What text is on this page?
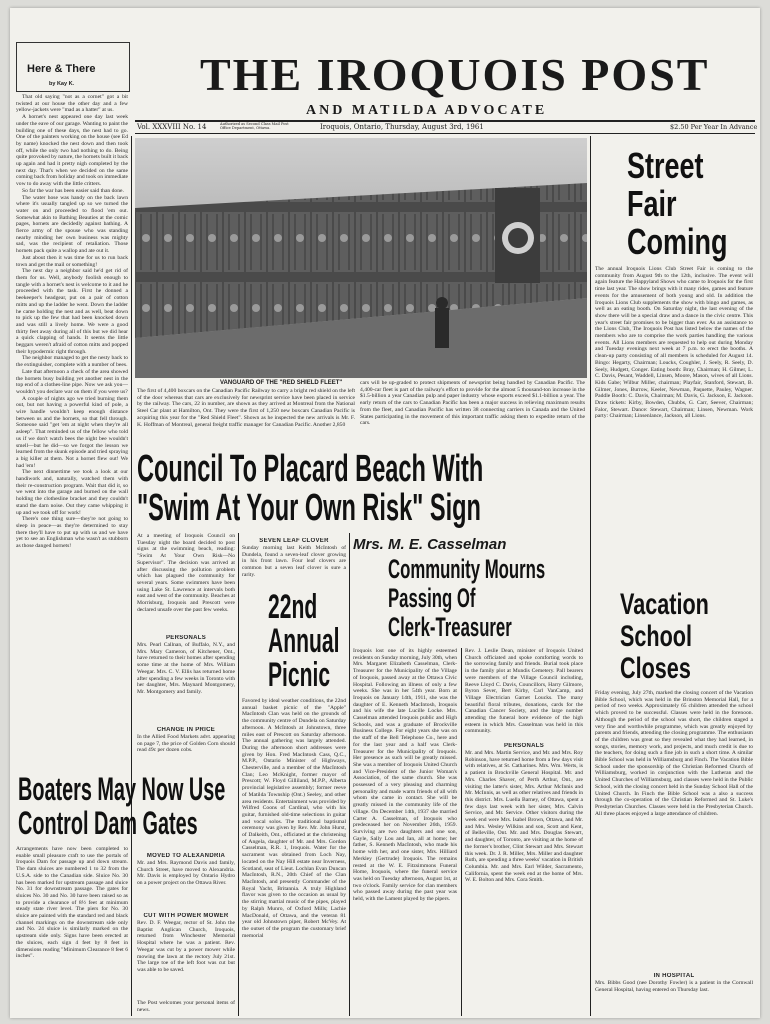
Here & There
by Kay K.	THE IROQUOIS POST
AND MATILDA ADVOCATE
Vol. XXXVIII No. 14	Authorized as Second Class Mail Post Office Department, Ottawa.	Iroquois, Ontario, Thursday, August 3rd, 1961	$2.50 Per Year In Advance

That old saying "not as a cornet" got a bit twisted at our house the other day and a few yellow-jackets were "mad as a hatter" at us.

A hornet's nest appeared one day last week under the eave of our garage. Wanting to paint the building one of these days, the nest had to go. One of the painters working on the house (see Ed by name) knocked the nest down and then took off, while the only two had nothing to do. Being quite provoked by nature, the hornets built it back up again and had it pretty nigh completed by the next day. That's when we decided on the same coming back from holiday and took on immediate vow to do away with the little critters.

So far the war has been easier said than done.

The water hose was handy on the back lawn where it's usually tangled up so we turned the water on and proceeded to flood 'em out. Somewhat akin to Bathing Beauties at the comic pages, hornets are decidedly against bathing. A fierce army of the spouse who was standing nearby minding her own business was mighty sad, was the recipient of retaliation. Those hornets pack quite a wallop and ate out it.

Just about then it was time for us to run back town and get the mail or something!

The next day a neighbor said he'd get rid of them for us. Well, anybody foolish enough to tangle with a hornet's nest is welcome to it and he proceeded with the task. First he donned a beekeeper's headgear, put on a pair of cotton mitts and up the ladder he went. Down the ladder he came holding the nest and as well, beat down to pick up the few that had been knocked down and was still a lively home. We were a good thirty feet away during all of this but we did hear a quick clapping of hands. It seems the little beggars weren't afraid of cotton mitts and popped their hypodermic right through.

The neighbor managed to get the nesty back to the extinguisher, complete with a number of bees.

Late that afternoon a check of the area showed the hornets busy building yet another nest in the top end of a clothes-line pipe. Now we ask you—wouldn't you declare war on them if you were us?

A couple of nights ago we tried burning them out, but not having a powerful kind of pole, a wire handle wouldn't keep enough distance between us and the hornets, so that fell through. Someone said "get 'em at night when they're all asleep". That reminded us of the fellow who told us if we don't watch bees the night bee wouldn't smell—but he did—so we forgot the lesson we learned from the skunk episode and tried spraying a big killer at them. Not a hornet flew out! We had 'em!

The next dinnertime we took a look at our handiwork and, naturally, watched them with their re-construction program. Wait that did it, so we went into the garage and burned on the wall holding the clothesline bracket and they couldn't stand the darn noise. Out they came whipping it up and we took off for work!

There's one thing sure—they're not going to sleep in peace—as they're determined to stay there they'll have to put up with us and we have yet to see an Englishman who wasn't as stubborn as those danged hornets!

VANGUARD OF THE "RED SHIELD FLEET"
The first of 4,400 boxcars on the Canadian Pacific Railway to carry a bright red shield on the left of the door whereas that cars are exclusively for newsprint service have been placed in service by the railway. The cars, 22 in number, are shown as they arrived at Montreal from the National Steel Car plant at Hamilton, Ont. They were the first of 1,250 new boxcars Canadian Pacific is acquiring this year for the "Red Shield Fleet". Shown as he inspected the new arrivals is Mr. F. K. Hoffman of Montreal, general freight traffic manager for Canadian Pacific. Another 2,850
cars will be up-graded to protect shipments of newsprint being handled by Canadian Pacific. The 4,400-car fleet is part of the railway's effort to provide for the almost 5 thousand-ton increase in the $1.5-billion a year Canadian pulp and paper industry whose exports exceed $1.1-billion a year. The early return of the cars to Canadian Pacific has been a major success in relieving maximum results from the fleet, and Canadian Pacific has written 38 connecting carriers in Canada and the United States participating in the movement of this important traffic asking them to expedite return of the cars.
Council To Placard Beach With
"Swim At Your Own Risk" Sign
At a meeting of Iroquois Council on Tuesday night the board decided to post signs at the swimming beach, reading: "Swim At Your Own Risk—No Supervisor". The decision was arrived at after discussing the pollution problem which has plagued the community for several years. Some swimmers have been using Lake St. Lawrence at intervals both east and west of the community. Beaches at Morrisburg, Iroquois and Prescott were declared unsafe over the past few weeks.
PERSONALS
Mrs. Pearl Callnan, of Buffalo, N.Y., and Mrs. Mary Cameron, of Kitchener, Ont., have returned to their homes after spending some time at the home of Mrs. William Weegar. Mrs. C. V. Ellis has returned home after spending a few weeks in Toronto with her daughter, Mrs. Maynard Montgomery, Mr. Montgomery and family.
CHANGE IN PRICE
In the Allied Food Markets advt. appearing on page 7, the price of Golden Corn should read 49c per dozen cobs.
Boaters May Now Use
Control Dam Gates
Arrangements have now been completed to enable small pleasure craft to use the portals of Iroquois Dam for passage up and down stream. The dam sluices are numbered 1 to 32 from the U.S.A. side to the Canadian side. Sluice No. 30 has been marked for upstream passage and sluice No. 31 for downstream passage. The gates for sluices No. 30 and No. 30 have been raised so as to provide a clearance of 8½ feet at minimum steady state river level. The piers for No. 30 sluice are painted with the standard red and black channel markings on the downstream side only and No. 24 sluice is similarly marked on the upstream side only. Signs have been erected at the sluices, each sign 4 feet by 8 feet in dimensions reading "Minimum Clearance 8 feet 6 inches".
MOVED TO ALEXANDRIA
Mr. and Mrs. Raymond Davis and family, Church Street, have moved to Alexandria. Mr. Davis is employed by Ontario Hydro on a power project on the Ottawa River.
CUT WITH POWER MOWER
Rev. D. F. Weegar, rector of St. John the Baptist Anglican Church, Iroquois, returned from Winchester Memorial Hospital where he was a patient. Rev. Weegar was cut by a power mower while mowing the lawn at the rectory July 21st. The large toe of the left foot was cut but was able to be saved.
The Post welcomes your personal items of news.
SEVEN LEAF CLOVER
Sunday morning last Keith McIntosh of Dundela, found a seven-leaf clover growing in his front lawn. Four leaf clovers are common but a seven leaf clover is sure a rarity.
22nd
Annual
Picnic
Favored by ideal weather conditions, the 22nd annual basket picnic of the "Apple" MacIntosh Clan was held on the grounds of the community centre of Dundela on Saturday afternoon. A McIntosh at Johnstown, three miles east of Prescott on Saturday afternoon. The annual gathering was largely attended. During the afternoon short addresses were given by Hon. Fred MacIntosh Cass, Q.C., M.P.P., Ontario Minister of Highways, Chesterville, and a member of the MacIntosh Clan; Leo McKnight, former mayor of Prescott; W. Floyd Gilliland, M.P.P., Alberta provincial legislative assembly; former reeve of Matilda Township (Ont.) Seeley, and other area residents. Entertainment was provided by Wilfred Coons of Cardinal, who with his guitar, furnished old-time selections in guitar and vocal solos. The traditional baptismal ceremony was given by Rev. Mr. John Hurst, of Dalkeith, Ont., officiated at the christening of Angela, daughter of Mr. and Mrs. Gordon Casselman, R.R. 1, Iroquois. Water for the sacrament was obtained from Loch Nay, located on the Nay Hill estate near Inverness, Scotland, seat of Lieut. Lochlan Evan Duncan MacIntosh, R.N., 20th Chief of the Clan MacIntosh, and presently Commander of the Royal Yacht, Britannia. A truly Highland flavor was given to the occasion as usual by the stirring martial music of the pipes, played by Ralph Munro, of Oxford Mills; Lachie MacDonald, of Ottawa, and the veteran 81 year old Johnstown piper, Robert McVey. At the outset of the program the customary brief memorial
Mrs. M. E. Casselman
Community Mourns
Passing Of
Clerk-Treasurer
Iroquois lost one of its highly esteemed residents on Sunday morning, July 30th, when Mrs. Margaret Elizabeth Casselman, Clerk-Treasurer for the Municipality of the Village of Iroquois, passed away at the Ottawa Civic Hospital. Following an illness of only a few weeks. She was in her 54th year. Born at Iroquois on January 14th, 1911, she was the daughter of E. Kenneth MacIntosh, Iroquois and his wife the late Lucille Locke. Mrs. Casselman attended Iroquois public and High Schools, and was a graduate of Brockville Business College. For eight years she was on the staff of the Bell Telephone Co., here and for the last year and a half was Clerk-Treasurer for the Municipality of Iroquois. Her presence as such will be greatly missed. She was a member of Iroquois United Church and Vice-President of the Junior Woman's Association, of the same church. She was possessed of a very pleasing and charming personality and made warm friends of all with whom she came in contact. She will be greatly missed in the community life of the village. On December 14th, 1937 she married Carter A. Casselman, of Iroquois who predeceased her on November 26th, 1959. Surviving are two daughters and one son, Gayle, Sally Lou and Ian, all at home; her father, S. Kenneth MacIntosh, who made his home with her, and one sister, Mrs. Hilliard Merkley (Gertrude) Iroquois. The remains rested at the W. E. Fitzsimmons Funeral Home, Iroquois, where the funeral service was held on Tuesday afternoon, August 1st, at two o'clock. Family service for clan members who passed away during the past year was held, with the Lament played by the pipers.
Rev. J. Leslie Dean, minister of Iroquois United Church officiated and spoke comforting words to the sorrowing family and friends. Burial took place in the family plot at Mundis Cemetery. Pall bearers were members of the Village Council including, Reeve Lloyd C. Davis, Councillors, Harry Gilmore, Byron Sever, Bert Kirby, Carl VanCamp, and Village Electrician Garnet Loucks. The many beautiful floral tributes, donations, cards for the Canadian Cancer Society, and the large number attending the funeral bore evidence of the high esteem in which Mrs. Casselman was held in this community.
PERSONALS
Mr. and Mrs. Martin Service, and Mr. and Mrs. Roy Robinson, have returned home from a few days visit with relatives, at St. Catharines. Mrs. Wm. Werts, is a patient in Brockville General Hospital. Mr. and Mrs. Charles Shaver, of Perth Arthur, Ont., are visiting the latter's sister, Mrs. Arthur McInnis and Mr. McInnis, as well as other relatives and friends in this district. Mrs. Luella Barney, of Ottawa, spent a few days last week with her sister, Mrs. Calvin Service, and Mr. Service. Other visitors during the week end were Mrs. Isabel Brown, Ottawa, and Mr. and Mrs. Wesley Wilkins and son, Scott and Kent, of Belleville, Ont. Mr. and Mrs. Douglas Stewart, and daughter, of Toronto, are visiting at the home of the former's brother, Clint Stewart and Mrs. Stewart this week. Dr. J. R. Miller, Mrs. Miller and daughter Ruth, are spending a three weeks' vacation in British Columbia. Mr. and Mrs. Earl Wilder, Sacramento, California, spent the week end at the home of Mrs. W. E. Bolton and Mrs. Cora Smith.
Street
Fair
Coming
The annual Iroquois Lions Club Street Fair is coming to the community from August 9th to the 12th, inclusive. The event will again feature the Happyland Shows who came to Iroquois for the first time last year. The show brings with it many rides, games and feature events for the amusement of both young and old. In addition the Iroquois Lions Club supplements the show with bingo and games, as well as an eating booth. On Saturday night, the last evening of the show there will be a special draw and a dance in the civic centre. This year's street fair promises to be bigger than ever. As an assistance to the Lions Club, The Iroquois Post has listed below the names of the members who are to comprise the work parties handling the various events. All Lions members are requested to help out during Monday and Tuesday evenings next week at 7 p.m. to erect the booths. A clean-up party consisting of all members is scheduled for August 14. Bingo: Hegarty, Chairman; Loucks, Coughler, J. Seely, R. Seely, D. Seely, Hudgett, Conger. Eating booth: Bray, Chairman; H. Gilmer, L. C. Davis, Pesant, Waddell, Linsen, Moore, Mason, wives of all Lions. Kids Gabe; Wilbur Miller, chairman; Playfair, Stanford, Stewart, B. Gilmer, Jones, Burrow, Keeler, Newman, Paquette, Pauley, Wagner. Paddle Booth: C. Davis, Chairman; M. Davis, G. Jackson, E. Jackson. Draw tickets: Kirby, Bowden, Chubbs, G. Carr, Seever, Chairman; Falor, Stewart. Dance: Stewart, Chairman; Linsen, Newman. Work party: Chairman; Linsenlance, Jackson, all Lions.
Vacation
School
Closes
Friday evening, July 27th, marked the closing concert of the Vacation Bible School, which was held in the Brinston Memorial Hall, for a period of two weeks. Approximately 65 children attended the school which proved to be successful. Classes were held in the forenoon. Although the period of the school was short, the children staged a very fine and worthwhile programme, which was greatly enjoyed by parents and friends, attending the closing programme. The enthusiasm of the children was great so they revealed what they had learned, in songs, stories, memory work, and projects, and much credit is due to the teachers, for doing such a fine job in such a short time. A similar Bible School was held in Williamsburg and Finch. The Vacation Bible School under the sponsorship of the Christian Reformed Church of Williamsburg, worked in conjunction with the Lutheran and the United Churches of Williamsburg, and classes were held in the Public School, with the closing concert held in the Sunday School Hall of the United Church. In Finch the Bible School was a also a success through the co-operation of the Christian Reformed and St. Luke's Presbyterian Churches. Classes were held in the Presbyterian Church. All three places enjoyed a large attendance of children.
IN HOSPITAL
Mrs. Bibbs Good (nee Dorothy Fowler) is a patient in the Cornwall General Hospital, having entered on Thursday last.
